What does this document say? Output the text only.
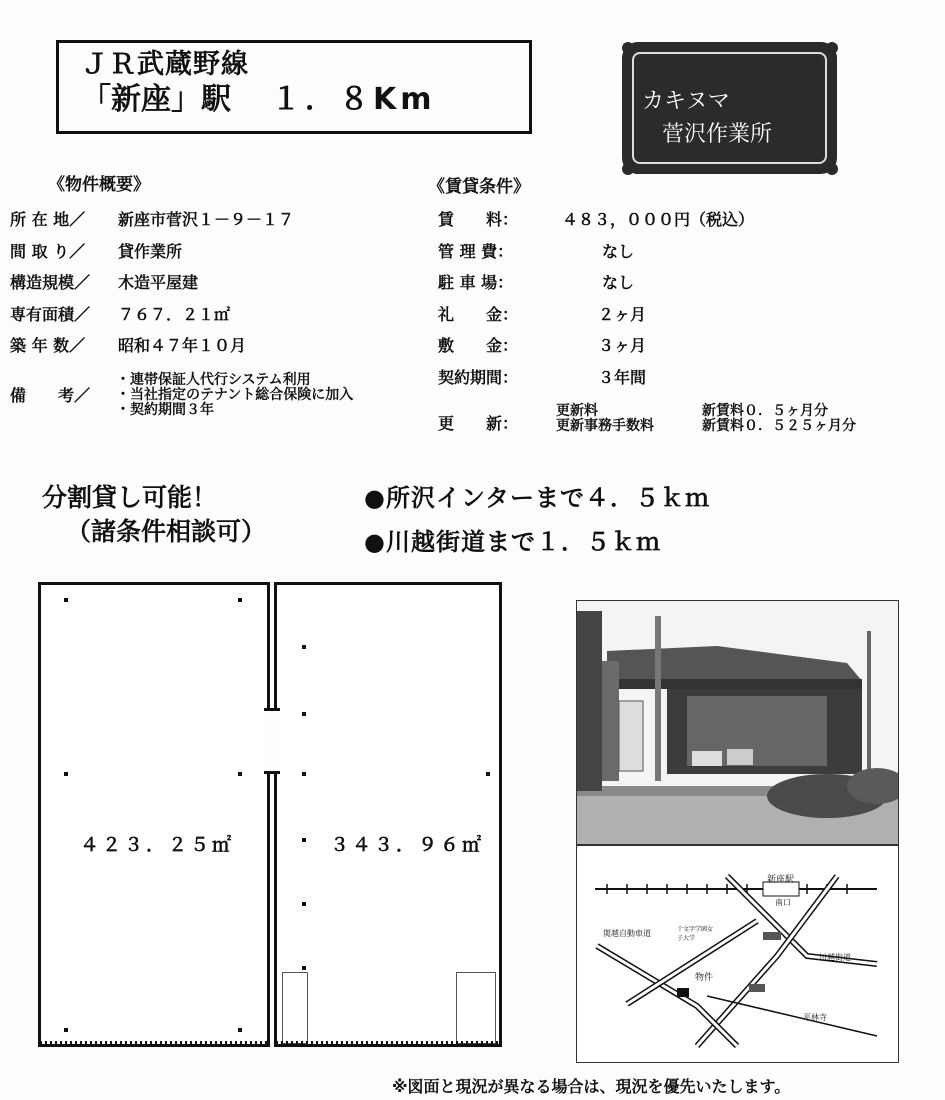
ＪＲ武蔵野線
「新座」駅 １．８Km	カキヌマ
菅沢作業所
《物件概要》
所 在 地／ 新座市菅沢１－９－１７
間 取 り／ 貸作業所
構造規模／ 木造平屋建
専有面積／ ７６７．２１㎡
築 年 数／ 昭和４７年１０月
備　　考／
・連帯保証人代行システム利用
・当社指定のテナント総合保険に加入
・契約期間３年
《賃貸条件》
賃　　料：	４８３，０００円（税込）
管 理 費：	なし
駐 車 場：	なし
礼　　金：	２ヶ月
敷　　金：	３ヶ月
契約期間：	３年間
更　　新：
更新料	新賃料０．５ヶ月分
更新事務手数料	新賃料０．５２５ヶ月分
分割貸し可能！
（諸条件相談可）
●所沢インターまで４．５ｋｍ
●川越街道まで１．５ｋｍ
４２３．２５㎡	３４３．９６㎡
新座駅
南口
関越自動車道	十文字学園女子大学
川越街道
物件
平林寺
※図面と現況が異なる場合は、現況を優先いたします。
